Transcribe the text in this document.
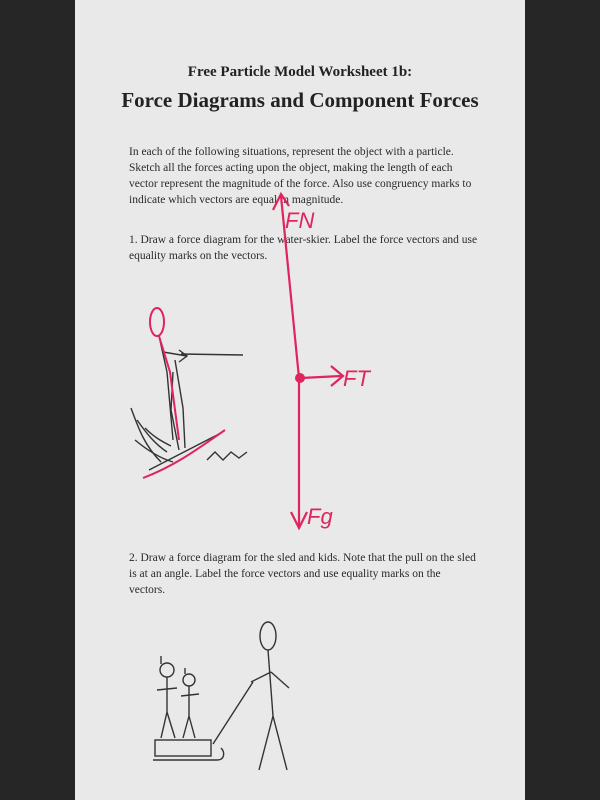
Free Particle Model Worksheet 1b:
Force Diagrams and Component Forces
In each of the following situations, represent the object with a particle. Sketch all the forces acting upon the object, making the length of each vector represent the magnitude of the force. Also use congruency marks to indicate which vectors are equal in magnitude.
1. Draw a force diagram for the water-skier. Label the force vectors and use equality marks on the vectors.
2. Draw a force diagram for the sled and kids. Note that the pull on the sled is at an angle. Label the force vectors and use equality marks on the vectors.
FN
FT
Fg
